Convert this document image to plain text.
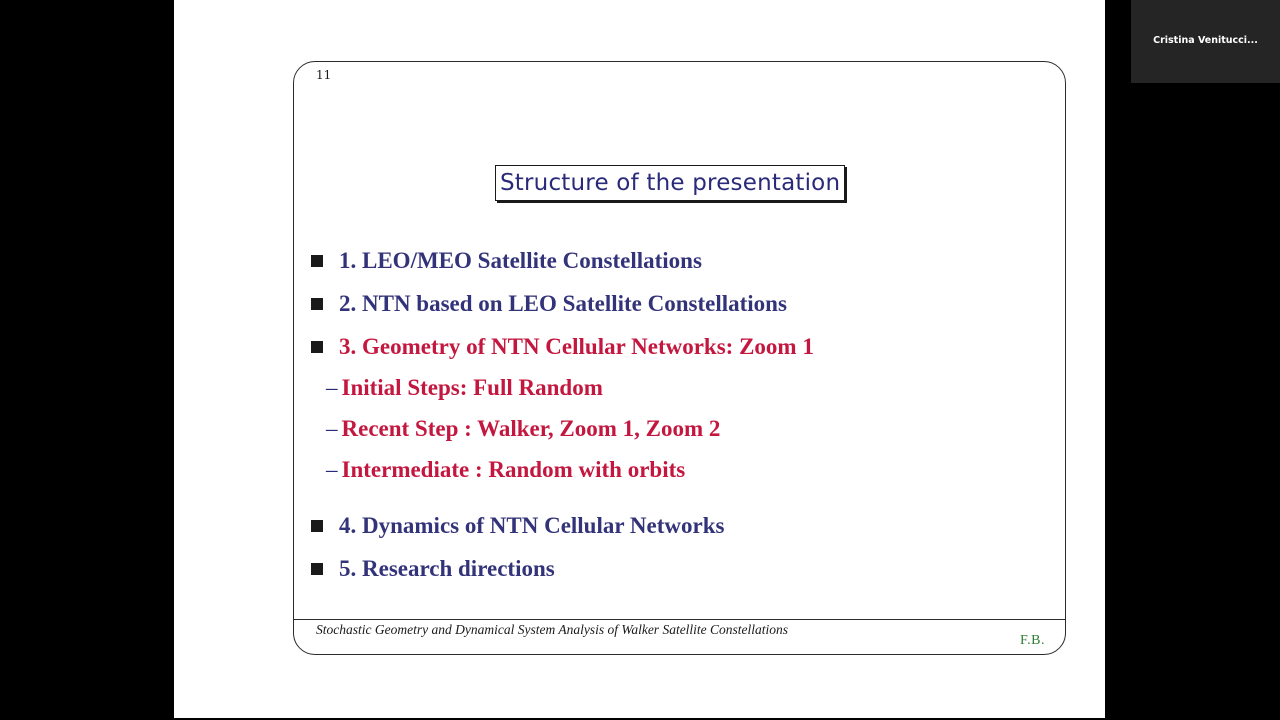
11
Structure of the presentation
1. LEO/MEO Satellite Constellations
2. NTN based on LEO Satellite Constellations
3. Geometry of NTN Cellular Networks: Zoom 1
– Initial Steps: Full Random
– Recent Step : Walker, Zoom 1, Zoom 2
– Intermediate : Random with orbits
4. Dynamics of NTN Cellular Networks
5. Research directions
Stochastic Geometry and Dynamical System Analysis of Walker Satellite Constellations
F.B.
Cristina Venitucci...
